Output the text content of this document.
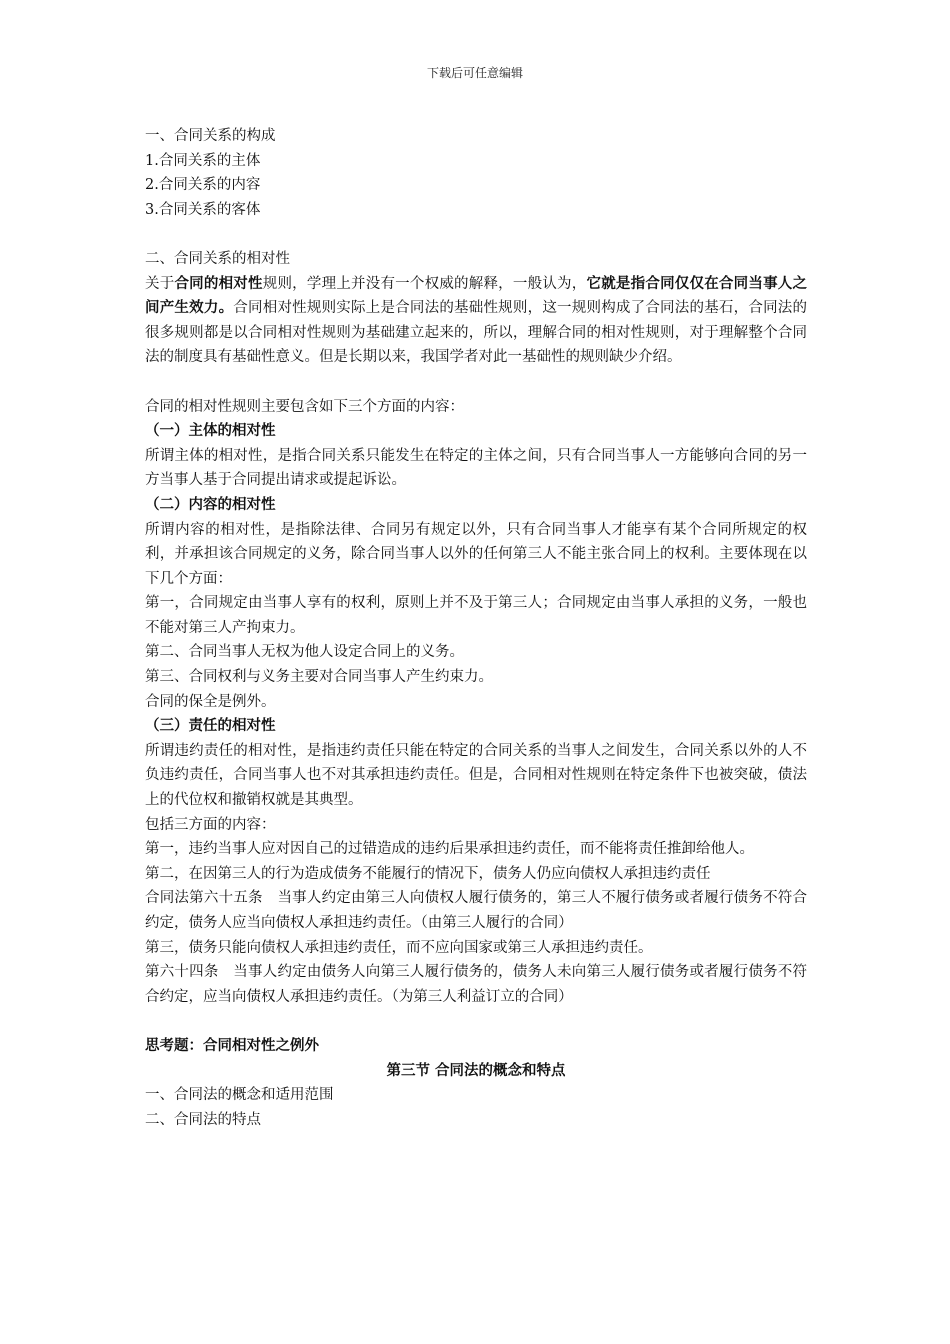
下载后可任意编辑

一、合同关系的构成

1.合同关系的主体

2.合同关系的内容

3.合同关系的客体

二、合同关系的相对性

关于合同的相对性规则，学理上并没有一个权威的解释，一般认为，它就是指合同仅仅在合同当事人之间产生效力。合同相对性规则实际上是合同法的基础性规则，这一规则构成了合同法的基石，合同法的很多规则都是以合同相对性规则为基础建立起来的，所以，理解合同的相对性规则，对于理解整个合同法的制度具有基础性意义。但是长期以来，我国学者对此一基础性的规则缺少介绍。

合同的相对性规则主要包含如下三个方面的内容：

（一）主体的相对性

所谓主体的相对性，是指合同关系只能发生在特定的主体之间，只有合同当事人一方能够向合同的另一方当事人基于合同提出请求或提起诉讼。

（二）内容的相对性

所谓内容的相对性，是指除法律、合同另有规定以外，只有合同当事人才能享有某个合同所规定的权利，并承担该合同规定的义务，除合同当事人以外的任何第三人不能主张合同上的权利。主要体现在以下几个方面：

第一，合同规定由当事人享有的权利，原则上并不及于第三人；合同规定由当事人承担的义务，一般也不能对第三人产拘束力。

第二、合同当事人无权为他人设定合同上的义务。

第三、合同权利与义务主要对合同当事人产生约束力。

合同的保全是例外。

（三）责任的相对性

所谓违约责任的相对性，是指违约责任只能在特定的合同关系的当事人之间发生，合同关系以外的人不负违约责任，合同当事人也不对其承担违约责任。但是，合同相对性规则在特定条件下也被突破，债法上的代位权和撤销权就是其典型。

包括三方面的内容：

第一，违约当事人应对因自己的过错造成的违约后果承担违约责任，而不能将责任推卸给他人。

第二，在因第三人的行为造成债务不能履行的情况下，债务人仍应向债权人承担违约责任

合同法第六十五条　当事人约定由第三人向债权人履行债务的，第三人不履行债务或者履行债务不符合约定，债务人应当向债权人承担违约责任。（由第三人履行的合同）

第三，债务只能向债权人承担违约责任，而不应向国家或第三人承担违约责任。

第六十四条　当事人约定由债务人向第三人履行债务的，债务人未向第三人履行债务或者履行债务不符合约定，应当向债权人承担违约责任。（为第三人利益订立的合同）

思考题：合同相对性之例外

第三节 合同法的概念和特点

一、合同法的概念和适用范围

二、合同法的特点
